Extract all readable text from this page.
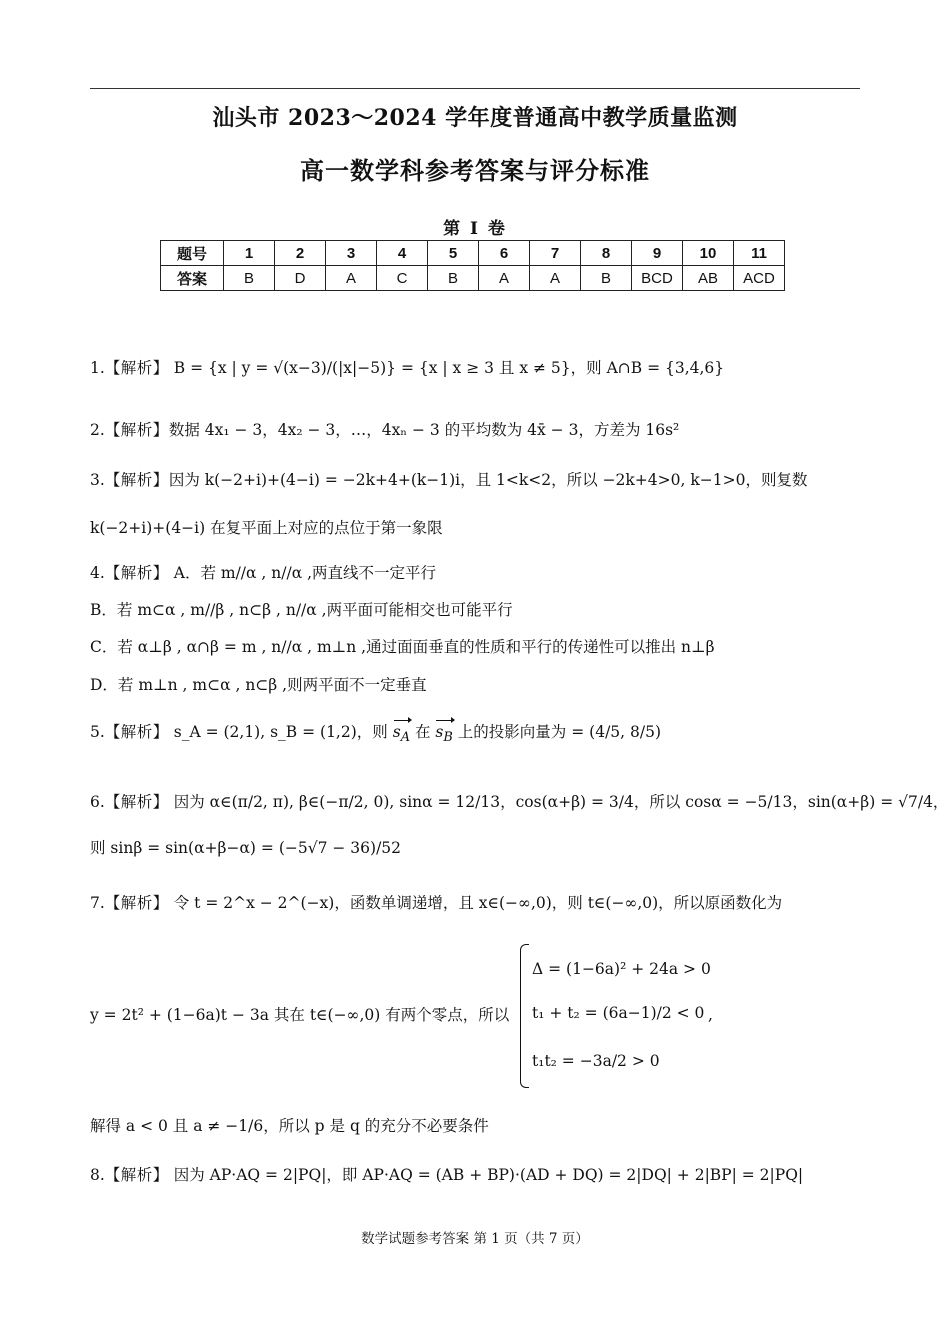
汕头市 2023～2024 学年度普通高中教学质量监测
高一数学科参考答案与评分标准
第 I 卷
题号	1	2	3	4	5	6	7	8	9	10	11
答案	B	D	A	C	B	A	A	B	BCD	AB	ACD
1.【解析】 B = {x | y = √(x−3)/(|x|−5)} = {x | x ≥ 3 且 x ≠ 5}，则 A∩B = {3,4,6}
2.【解析】数据 4x₁ − 3，4x₂ − 3，…，4xₙ − 3 的平均数为 4x̄ − 3，方差为 16s²
3.【解析】因为 k(−2+i)+(4−i) = −2k+4+(k−1)i，且 1<k<2，所以 −2k+4>0, k−1>0，则复数
k(−2+i)+(4−i) 在复平面上对应的点位于第一象限
4.【解析】 A．若 m//α , n//α ,两直线不一定平行
B．若 m⊂α , m//β , n⊂β , n//α ,两平面可能相交也可能平行
C．若 α⊥β , α∩β = m , n//α , m⊥n ,通过面面垂直的性质和平行的传递性可以推出 n⊥β
D．若 m⊥n , m⊂α , n⊂β ,则两平面不一定垂直
5.【解析】 s_A = (2,1), s_B = (1,2)，则 $s_A$ 在 $s_B$ 上的投影向量为 = (4/5, 8/5)
6.【解析】 因为 α∈(π/2, π), β∈(−π/2, 0), sinα = 12/13，cos(α+β) = 3/4，所以 cosα = −5/13，sin(α+β) = √7/4，
则 sinβ = sin(α+β−α) = (−5√7 − 36)/52
7.【解析】 令 t = 2^x − 2^(−x)，函数单调递增，且 x∈(−∞,0)，则 t∈(−∞,0)，所以原函数化为
y = 2t² + (1−6a)t − 3a 其在 t∈(−∞,0) 有两个零点，所以
Δ = (1−6a)² + 24a > 0
t₁ + t₂ = (6a−1)/2 < 0
t₁t₂ = −3a/2 > 0
,
解得 a < 0 且 a ≠ −1/6，所以 p 是 q 的充分不必要条件
8.【解析】 因为 AP·AQ = 2|PQ|，即 AP·AQ = (AB + BP)·(AD + DQ) = 2|DQ| + 2|BP| = 2|PQ|
数学试题参考答案 第 1 页（共 7 页）
